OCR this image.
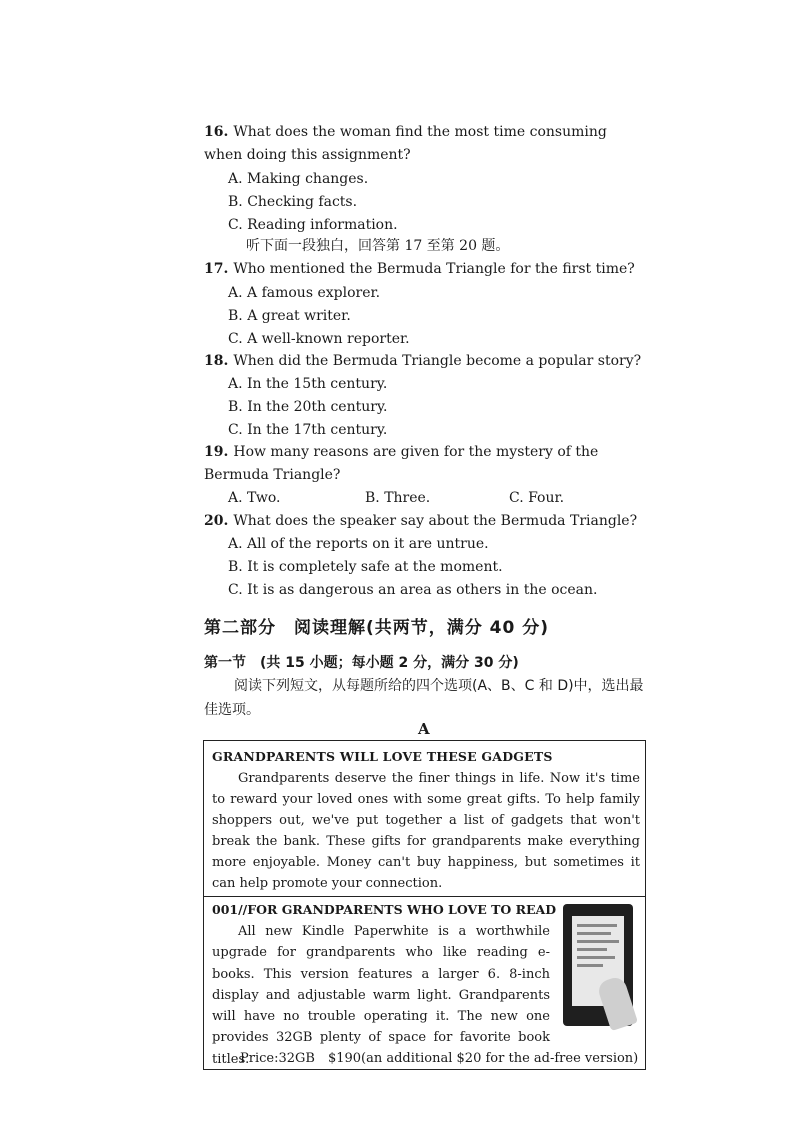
16. What does the woman find the most time consuming when doing this assignment?
A. Making changes.
B. Checking facts.
C. Reading information.
听下面一段独白，回答第 17 至第 20 题。
17. Who mentioned the Bermuda Triangle for the first time?
A. A famous explorer.
B. A great writer.
C. A well-known reporter.
18. When did the Bermuda Triangle become a popular story?
A. In the 15th century.
B. In the 20th century.
C. In the 17th century.
19. How many reasons are given for the mystery of the Bermuda Triangle?
A. Two.	B. Three.	C. Four.
20. What does the speaker say about the Bermuda Triangle?
A. All of the reports on it are untrue.
B. It is completely safe at the moment.
C. It is as dangerous an area as others in the ocean.
第二部分　阅读理解(共两节，满分 40 分)
第一节　(共 15 小题；每小题 2 分，满分 30 分)
阅读下列短文，从每题所给的四个选项(A、B、C 和 D)中，选出最佳选项。
A
GRANDPARENTS WILL LOVE THESE GADGETS
Grandparents deserve the finer things in life. Now it's time to reward your loved ones with some great gifts. To help family shoppers out, we've put together a list of gadgets that won't break the bank. These gifts for grandparents make everything more enjoyable. Money can't buy happiness, but sometimes it can help promote your connection.
001//FOR GRANDPARENTS WHO LOVE TO READ
All new Kindle Paperwhite is a worthwhile upgrade for grandparents who like reading e-books. This version features a larger 6. 8-inch display and adjustable warm light. Grandparents will have no trouble operating it. The new one provides 32GB plenty of space for favorite book titles.
Price:32GB　$190(an additional $20 for the ad-free version)
